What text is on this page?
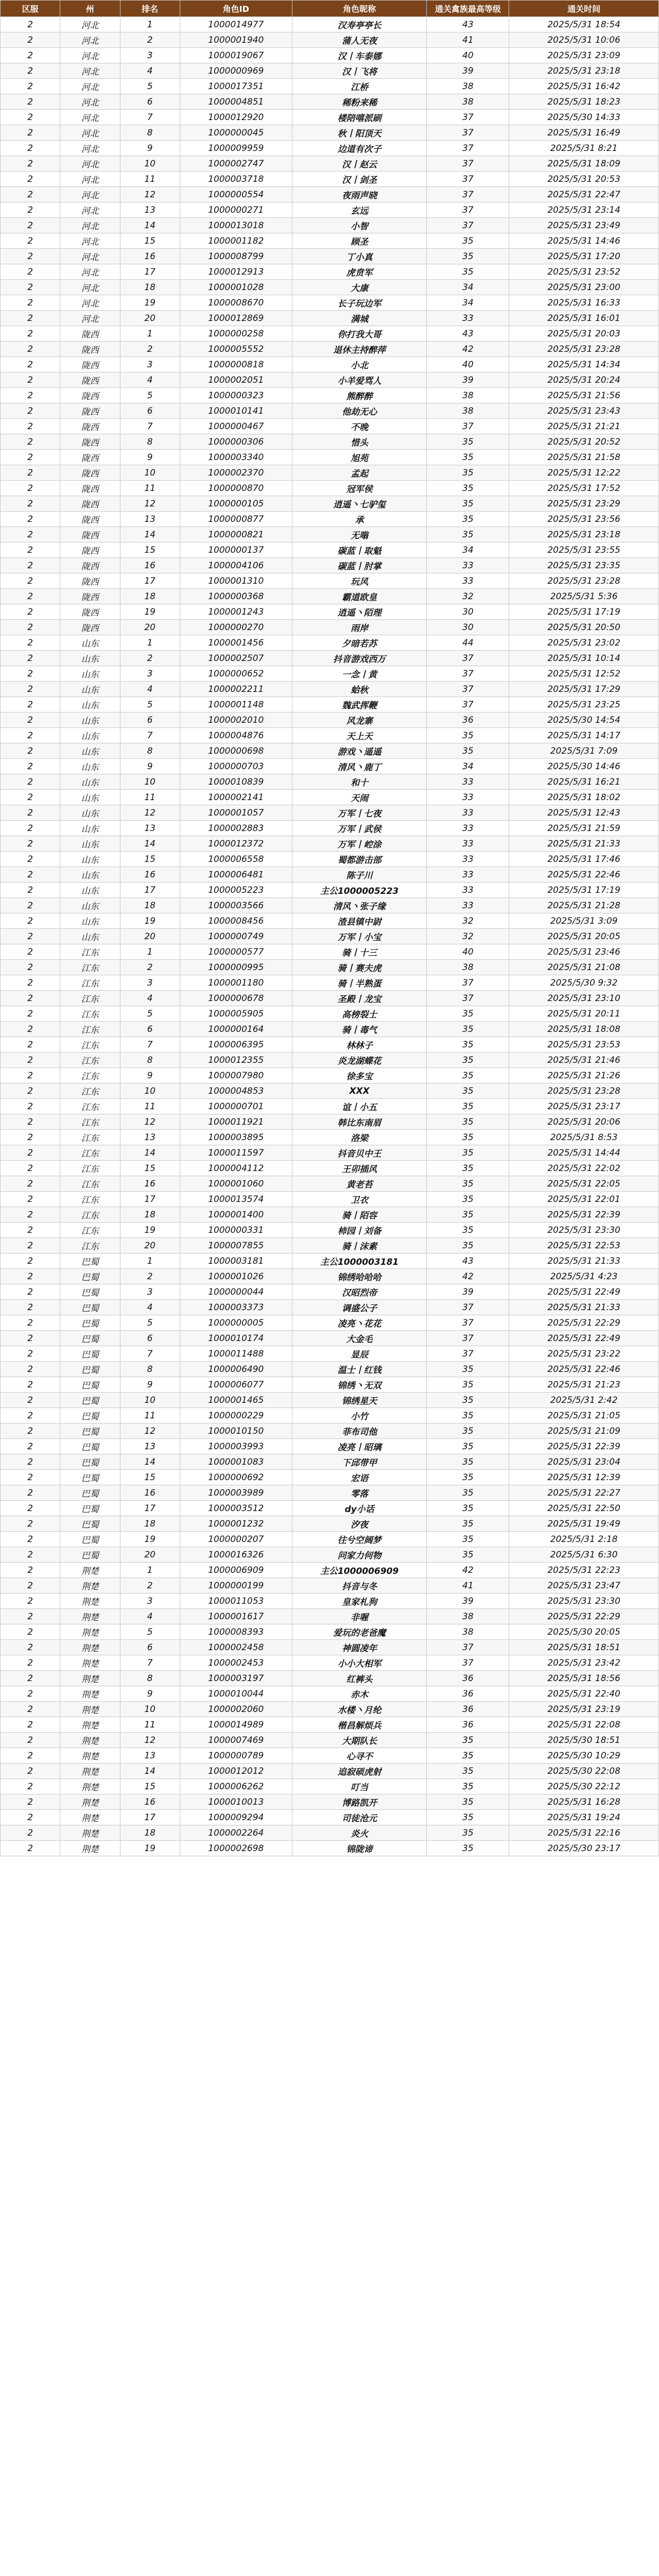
区服	州	排名	角色ID	角色昵称	通关禽族最高等级	通关时间
2	河北	1	1000014977	汉寿亭亭长	43	2025/5/31 18:54
2	河北	2	1000001940	蒲人无夜	41	2025/5/31 10:06
2	河北	3	1000019067	汉丨车泰娜	40	2025/5/31 23:09
2	河北	4	1000000969	汉丨飞将	39	2025/5/31 23:18
2	河北	5	1000017351	江桥	38	2025/5/31 16:42
2	河北	6	1000004851	稀粉来稀	38	2025/5/31 18:23
2	河北	7	1000012920	楼陪嘻派刷	37	2025/5/30 14:33
2	河北	8	1000000045	秋丨阳顶天	37	2025/5/31 16:49
2	河北	9	1000009959	边道有次子	37	2025/5/31 8:21
2	河北	10	1000002747	汉丨赵云	37	2025/5/31 18:09
2	河北	11	1000003718	汉丨剑圣	37	2025/5/31 20:53
2	河北	12	1000000554	夜雨声晓	37	2025/5/31 22:47
2	河北	13	1000000271	玄远	37	2025/5/31 23:14
2	河北	14	1000013018	小智	37	2025/5/31 23:49
2	河北	15	1000001182	顾圣	35	2025/5/31 14:46
2	河北	16	1000008799	丁小真	35	2025/5/31 17:20
2	河北	17	1000012913	虎贲军	35	2025/5/31 23:52
2	河北	18	1000001028	大康	34	2025/5/31 23:00
2	河北	19	1000008670	长子玩边军	34	2025/5/31 16:33
2	河北	20	1000012869	满城	33	2025/5/31 16:01
2	陇西	1	1000000258	你打我大哥	43	2025/5/31 20:03
2	陇西	2	1000005552	退休主持醉萍	42	2025/5/31 23:28
2	陇西	3	1000000818	小北	40	2025/5/31 14:34
2	陇西	4	1000002051	小羊爱骂人	39	2025/5/31 20:24
2	陇西	5	1000000323	熊醉醉	38	2025/5/31 21:56
2	陇西	6	1000010141	他劫无心	38	2025/5/31 23:43
2	陇西	7	1000000467	不晚	37	2025/5/31 21:21
2	陇西	8	1000000306	惜头	35	2025/5/31 20:52
2	陇西	9	1000003340	旭苑	35	2025/5/31 21:58
2	陇西	10	1000002370	孟起	35	2025/5/31 12:22
2	陇西	11	1000000870	冠军侯	35	2025/5/31 17:52
2	陇西	12	1000000105	逍遥丶七驴玺	35	2025/5/31 23:29
2	陇西	13	1000000877	承	35	2025/5/31 23:56
2	陇西	14	1000000821	无嗡	35	2025/5/31 23:18
2	陇西	15	1000000137	碳蓝丨取魁	34	2025/5/31 23:55
2	陇西	16	1000004106	碳蓝丨肘掌	33	2025/5/31 23:35
2	陇西	17	1000001310	玩风	33	2025/5/31 23:28
2	陇西	18	1000000368	霸道欧皇	32	2025/5/31 5:36
2	陇西	19	1000001243	逍遥丶陌理	30	2025/5/31 17:19
2	陇西	20	1000000270	雨岸	30	2025/5/31 20:50
2	山东	1	1000001456	夕暗若苏	44	2025/5/31 23:02
2	山东	2	1000002507	抖音游戏西万	37	2025/5/31 10:14
2	山东	3	1000000652	一念丨黄	37	2025/5/31 12:52
2	山东	4	1000002211	蛤秋	37	2025/5/31 17:29
2	山东	5	1000001148	魏武挥鞭	37	2025/5/31 23:25
2	山东	6	1000002010	风龙寨	36	2025/5/30 14:54
2	山东	7	1000004876	天上天	35	2025/5/31 14:17
2	山东	8	1000000698	游戏丶遥遥	35	2025/5/31 7:09
2	山东	9	1000000703	清风丶鹿丁	34	2025/5/30 14:46
2	山东	10	1000010839	和十	33	2025/5/31 16:21
2	山东	11	1000002141	天闹	33	2025/5/31 18:02
2	山东	12	1000001057	万军丨七夜	33	2025/5/31 12:43
2	山东	13	1000002883	万军丨武侯	33	2025/5/31 21:59
2	山东	14	1000012372	万军丨崆涂	33	2025/5/31 21:33
2	山东	15	1000006558	蜀都游击部	33	2025/5/31 17:46
2	山东	16	1000006481	陈子川	33	2025/5/31 22:46
2	山东	17	1000005223	主公1000005223	33	2025/5/31 17:19
2	山东	18	1000003566	清风丶张子缘	33	2025/5/31 21:28
2	山东	19	1000008456	渣县镇中尉	32	2025/5/31 3:09
2	山东	20	1000000749	万军丨小宝	32	2025/5/31 20:05
2	江东	1	1000000577	骑丨十三	40	2025/5/31 23:46
2	江东	2	1000000995	骑丨赛夫虎	38	2025/5/31 21:08
2	江东	3	1000001180	骑丨半熟蛋	37	2025/5/30 9:32
2	江东	4	1000000678	圣殿丨龙宝	37	2025/5/31 23:10
2	江东	5	1000005905	高榜裂士	35	2025/5/31 20:11
2	江东	6	1000000164	骑丨毒气	35	2025/5/31 18:08
2	江东	7	1000006395	林林子	35	2025/5/31 23:53
2	江东	8	1000012355	炎龙湖蝶花	35	2025/5/31 21:46
2	江东	9	1000007980	徐多宝	35	2025/5/31 21:26
2	江东	10	1000004853	XXX	35	2025/5/31 23:28
2	江东	11	1000000701	谊丨小五	35	2025/5/31 23:17
2	江东	12	1000011921	韩比东南眉	35	2025/5/31 20:06
2	江东	13	1000003895	洛梁	35	2025/5/31 8:53
2	江东	14	1000011597	抖音贝中王	35	2025/5/31 14:44
2	江东	15	1000004112	王卯插风	35	2025/5/31 22:02
2	江东	16	1000001060	黄老苔	35	2025/5/31 22:05
2	江东	17	1000013574	卫衣	35	2025/5/31 22:01
2	江东	18	1000001400	骑丨陌容	35	2025/5/31 22:39
2	江东	19	1000000331	柿园丨刘备	35	2025/5/31 23:30
2	江东	20	1000007855	骑丨沫素	35	2025/5/31 22:53
2	巴蜀	1	1000003181	主公1000003181	43	2025/5/31 21:33
2	巴蜀	2	1000001026	锦绣哈哈哈	42	2025/5/31 4:23
2	巴蜀	3	1000000044	汉昭烈帝	39	2025/5/31 22:49
2	巴蜀	4	1000003373	调盛公子	37	2025/5/31 21:33
2	巴蜀	5	1000000005	凌亮丶花花	37	2025/5/31 22:29
2	巴蜀	6	1000010174	大金毛	37	2025/5/31 22:49
2	巴蜀	7	1000011488	显辰	37	2025/5/31 23:22
2	巴蜀	8	1000006490	温士丨红钱	35	2025/5/31 22:46
2	巴蜀	9	1000006077	锦绣丶无双	35	2025/5/31 21:23
2	巴蜀	10	1000001465	锦绣星天	35	2025/5/31 2:42
2	巴蜀	11	1000000229	小竹	35	2025/5/31 21:05
2	巴蜀	12	1000010150	菲布司他	35	2025/5/31 21:09
2	巴蜀	13	1000003993	凌亮丨昭璃	35	2025/5/31 22:39
2	巴蜀	14	1000001083	下邱带甲	35	2025/5/31 23:04
2	巴蜀	15	1000000692	宏语	35	2025/5/31 12:39
2	巴蜀	16	1000003989	零落	35	2025/5/31 22:27
2	巴蜀	17	1000003512	dy小话	35	2025/5/31 22:50
2	巴蜀	18	1000001232	汐夜	35	2025/5/31 19:49
2	巴蜀	19	1000000207	往兮空阔梦	35	2025/5/31 2:18
2	巴蜀	20	1000016326	问家力何物	35	2025/5/31 6:30
2	荆楚	1	1000006909	主公1000006909	42	2025/5/31 22:23
2	荆楚	2	1000000199	抖音与冬	41	2025/5/31 23:47
2	荆楚	3	1000011053	皇家札狗	39	2025/5/31 23:30
2	荆楚	4	1000001617	非喔	38	2025/5/31 22:29
2	荆楚	5	1000008393	爱玩的老爸魔	38	2025/5/30 20:05
2	荆楚	6	1000002458	神圆凌年	37	2025/5/31 18:51
2	荆楚	7	1000002453	小小大相军	37	2025/5/31 23:42
2	荆楚	8	1000003197	红裤头	36	2025/5/31 18:56
2	荆楚	9	1000010044	赤木	36	2025/5/31 22:40
2	荆楚	10	1000002060	水楼丶月纶	36	2025/5/31 23:19
2	荆楚	11	1000014989	楷昌解烦兵	36	2025/5/31 22:08
2	荆楚	12	1000007469	大期队长	35	2025/5/30 18:51
2	荆楚	13	1000000789	心寻不	35	2025/5/30 10:29
2	荆楚	14	1000012012	追寂硕虎射	35	2025/5/30 22:08
2	荆楚	15	1000006262	叮当	35	2025/5/30 22:12
2	荆楚	16	1000010013	博路凯开	35	2025/5/31 16:28
2	荆楚	17	1000009294	司徒沧元	35	2025/5/31 19:24
2	荆楚	18	1000002264	炎火	35	2025/5/31 22:16
2	荆楚	19	1000002698	锦陇谛	35	2025/5/30 23:17
